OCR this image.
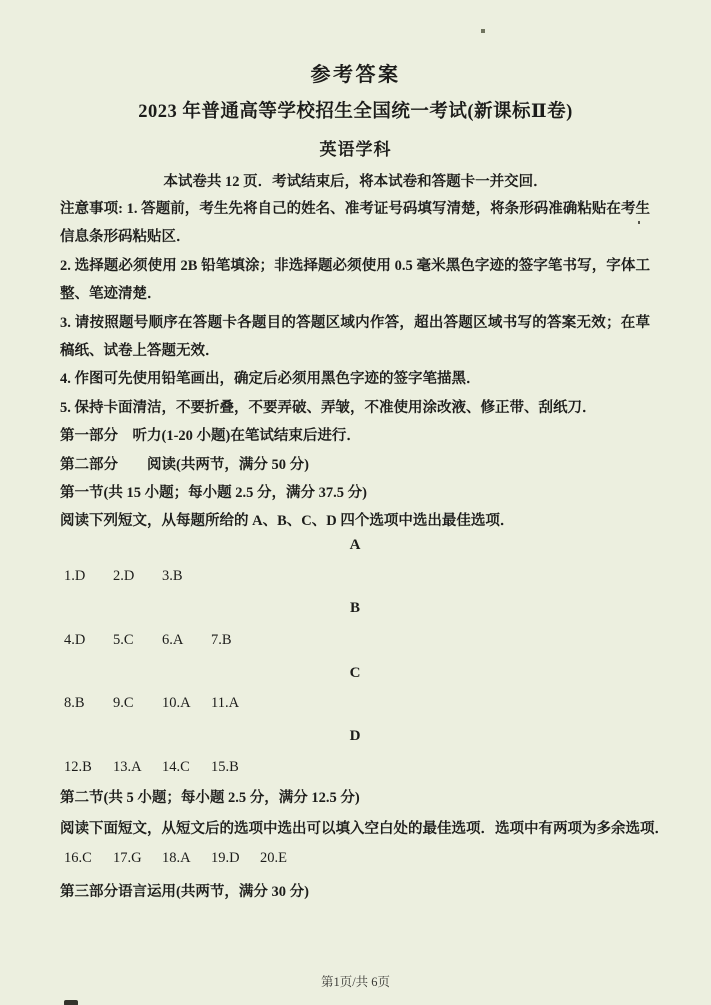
参考答案
2023 年普通高等学校招生全国统一考试(新课标Ⅱ卷)
英语学科
本试卷共 12 页．考试结束后，将本试卷和答题卡一并交回．
注意事项: 1. 答题前，考生先将自己的姓名、准考证号码填写清楚，将条形码准确粘贴在考生
信息条形码粘贴区．
2. 选择题必须使用 2B 铅笔填涂；非选择题必须使用 0.5 毫米黑色字迹的签字笔书写，字体工
整、笔迹清楚．
3. 请按照题号顺序在答题卡各题目的答题区域内作答，超出答题区域书写的答案无效；在草
稿纸、试卷上答题无效．
4. 作图可先使用铅笔画出，确定后必须用黑色字迹的签字笔描黑．
5. 保持卡面清洁，不要折叠，不要弄破、弄皱，不准使用涂改液、修正带、刮纸刀．
第一部分　听力(1-20 小题)在笔试结束后进行．
第二部分　　阅读(共两节，满分 50 分)
第一节(共 15 小题；每小题 2.5 分，满分 37.5 分)
阅读下列短文，从每题所给的 A、B、C、D 四个选项中选出最佳选项．
A
1.D 2.D 3.B
B
4.D 5.C 6.A 7.B
C
8.B 9.C 10.A 11.A
D
12.B 13.A 14.C 15.B
第二节(共 5 小题；每小题 2.5 分，满分 12.5 分)
阅读下面短文，从短文后的选项中选出可以填入空白处的最佳选项．选项中有两项为多余选项．
16.C 17.G 18.A 19.D 20.E
第三部分语言运用(共两节，满分 30 分)
第1页/共 6页
